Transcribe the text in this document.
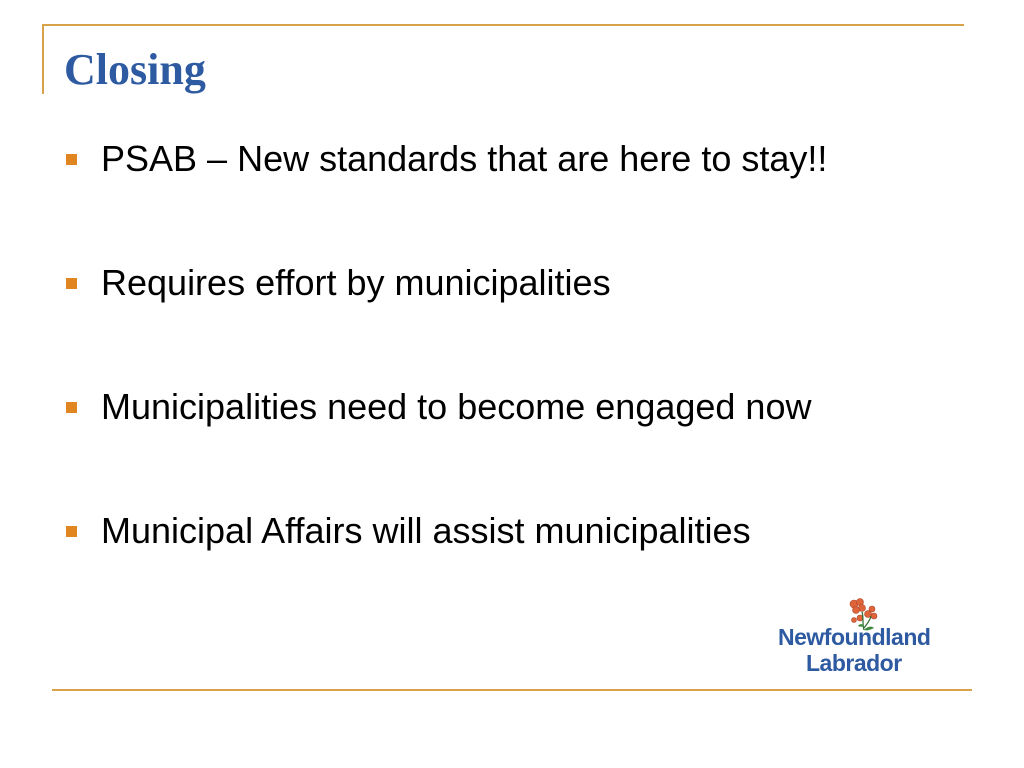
Closing
PSAB – New standards that are here to stay!!
Requires effort by municipalities
Municipalities need to become engaged now
Municipal Affairs will assist municipalities
Newfoundland
Labrador
